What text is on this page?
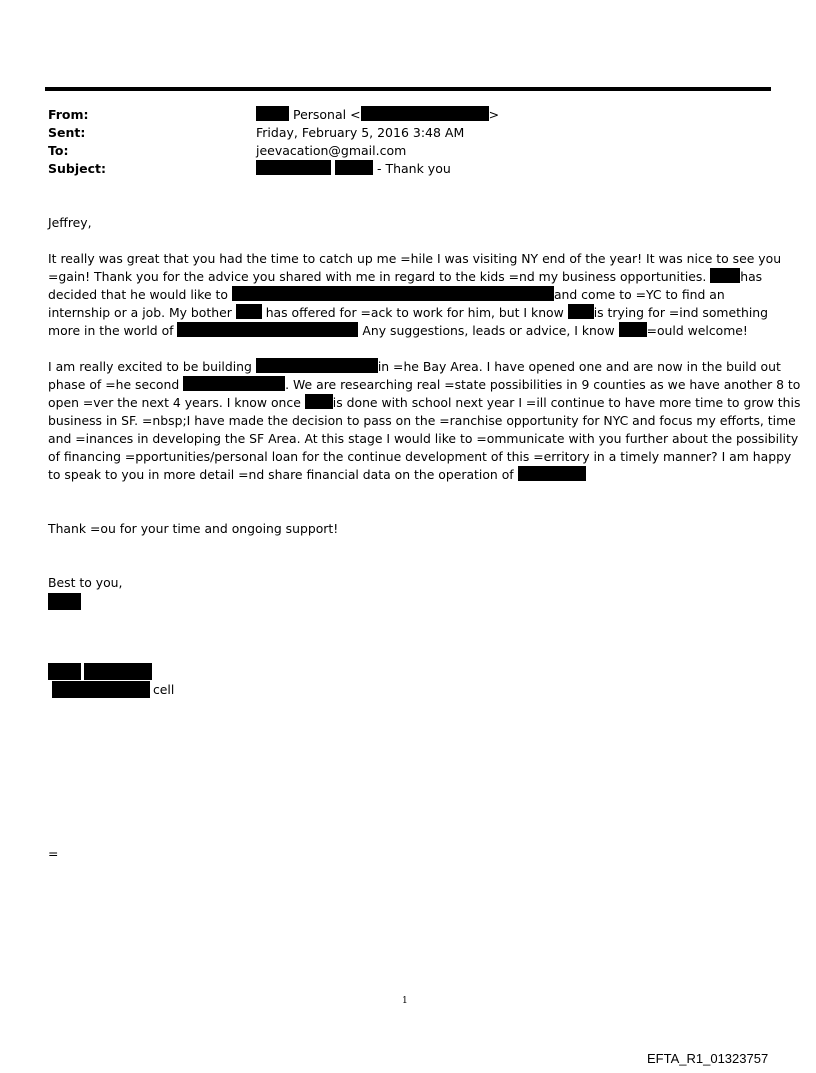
From:	Personal <	>
Sent:	Friday, February 5, 2016 3:48 AM
To:	jeevacation@gmail.com
Subject:	- Thank you
Jeffrey,
It really was great that you had the time to catch up me =hile I was visiting NY end of the year! It was nice to see you
=gain! Thank you for the advice you shared with me in regard to the kids =nd my business opportunities. has
decided that he would like to	and come to =YC to find an
internship or a job. My bother  has offered for =ack to work for him, but I know is trying for =ind something
more in the world of	Any suggestions, leads or advice, I know =ould welcome!
I am really excited to be building	in =he Bay Area. I have opened one and are now in the build out
phase of =he second	. We are researching real =state possibilities in 9 counties as we have another 8 to
open =ver the next 4 years. I know once is done with school next year I =ill continue to have more time to grow this
business in SF. =nbsp;I have made the decision to pass on the =ranchise opportunity for NYC and focus my efforts, time
and =inances in developing the SF Area. At this stage I would like to =ommunicate with you further about the possibility
of financing =pportunities/personal loan for the continue development of this =erritory in a timely manner? I am happy
to speak to you in more detail =nd share financial data on the operation of
Thank =ou for your time and ongoing support!
Best to you,
cell
=
1
EFTA_R1_01323757
